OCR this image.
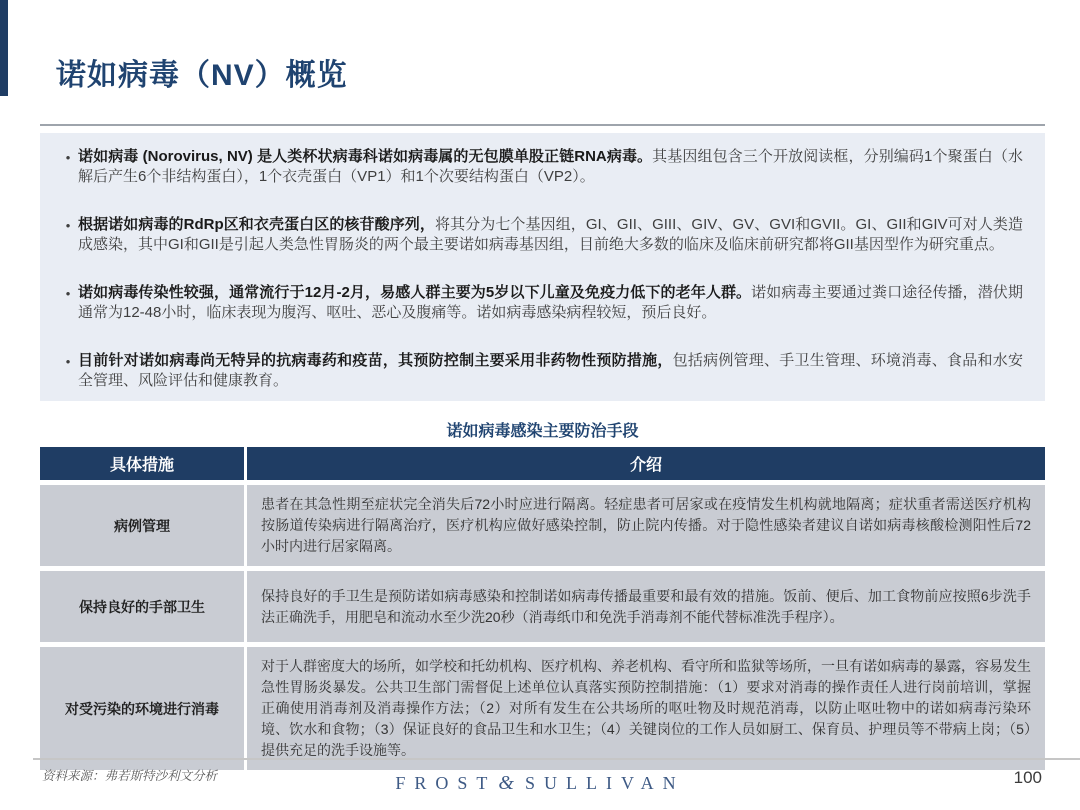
诺如病毒（NV）概览
• 诺如病毒 (Norovirus, NV) 是人类杯状病毒科诺如病毒属的无包膜单股正链RNA病毒。其基因组包含三个开放阅读框，分别编码1个聚蛋白（水解后产生6个非结构蛋白），1个衣壳蛋白（VP1）和1个次要结构蛋白（VP2）。
• 根据诺如病毒的RdRp区和衣壳蛋白区的核苷酸序列，将其分为七个基因组，GI、GII、GIII、GIV、GV、GVI和GVII。GI、GII和GIV可对人类造成感染，其中GI和GII是引起人类急性胃肠炎的两个最主要诺如病毒基因组，目前绝大多数的临床及临床前研究都将GII基因型作为研究重点。
• 诺如病毒传染性较强，通常流行于12月-2月，易感人群主要为5岁以下儿童及免疫力低下的老年人群。诺如病毒主要通过粪口途径传播，潜伏期通常为12-48小时，临床表现为腹泻、呕吐、恶心及腹痛等。诺如病毒感染病程较短，预后良好。
• 目前针对诺如病毒尚无特异的抗病毒药和疫苗，其预防控制主要采用非药物性预防措施，包括病例管理、手卫生管理、环境消毒、食品和水安全管理、风险评估和健康教育。
诺如病毒感染主要防治手段
具体措施	介绍
病例管理
患者在其急性期至症状完全消失后72小时应进行隔离。轻症患者可居家或在疫情发生机构就地隔离；症状重者需送医疗机构按肠道传染病进行隔离治疗，医疗机构应做好感染控制，防止院内传播。对于隐性感染者建议自诺如病毒核酸检测阳性后72小时内进行居家隔离。
保持良好的手部卫生
保持良好的手卫生是预防诺如病毒感染和控制诺如病毒传播最重要和最有效的措施。饭前、便后、加工食物前应按照6步洗手法正确洗手，用肥皂和流动水至少洗20秒（消毒纸巾和免洗手消毒剂不能代替标准洗手程序）。
对受污染的环境进行消毒
对于人群密度大的场所，如学校和托幼机构、医疗机构、养老机构、看守所和监狱等场所，一旦有诺如病毒的暴露，容易发生急性胃肠炎暴发。公共卫生部门需督促上述单位认真落实预防控制措施：（1）要求对消毒的操作责任人进行岗前培训，掌握正确使用消毒剂及消毒操作方法；（2）对所有发生在公共场所的呕吐物及时规范消毒，以防止呕吐物中的诺如病毒污染环境、饮水和食物；（3）保证良好的食品卫生和水卫生；（4）关键岗位的工作人员如厨工、保育员、护理员等不带病上岗；（5）提供充足的洗手设施等。
资料来源：弗若斯特沙利文分析	FROST & SULLIVAN	100
